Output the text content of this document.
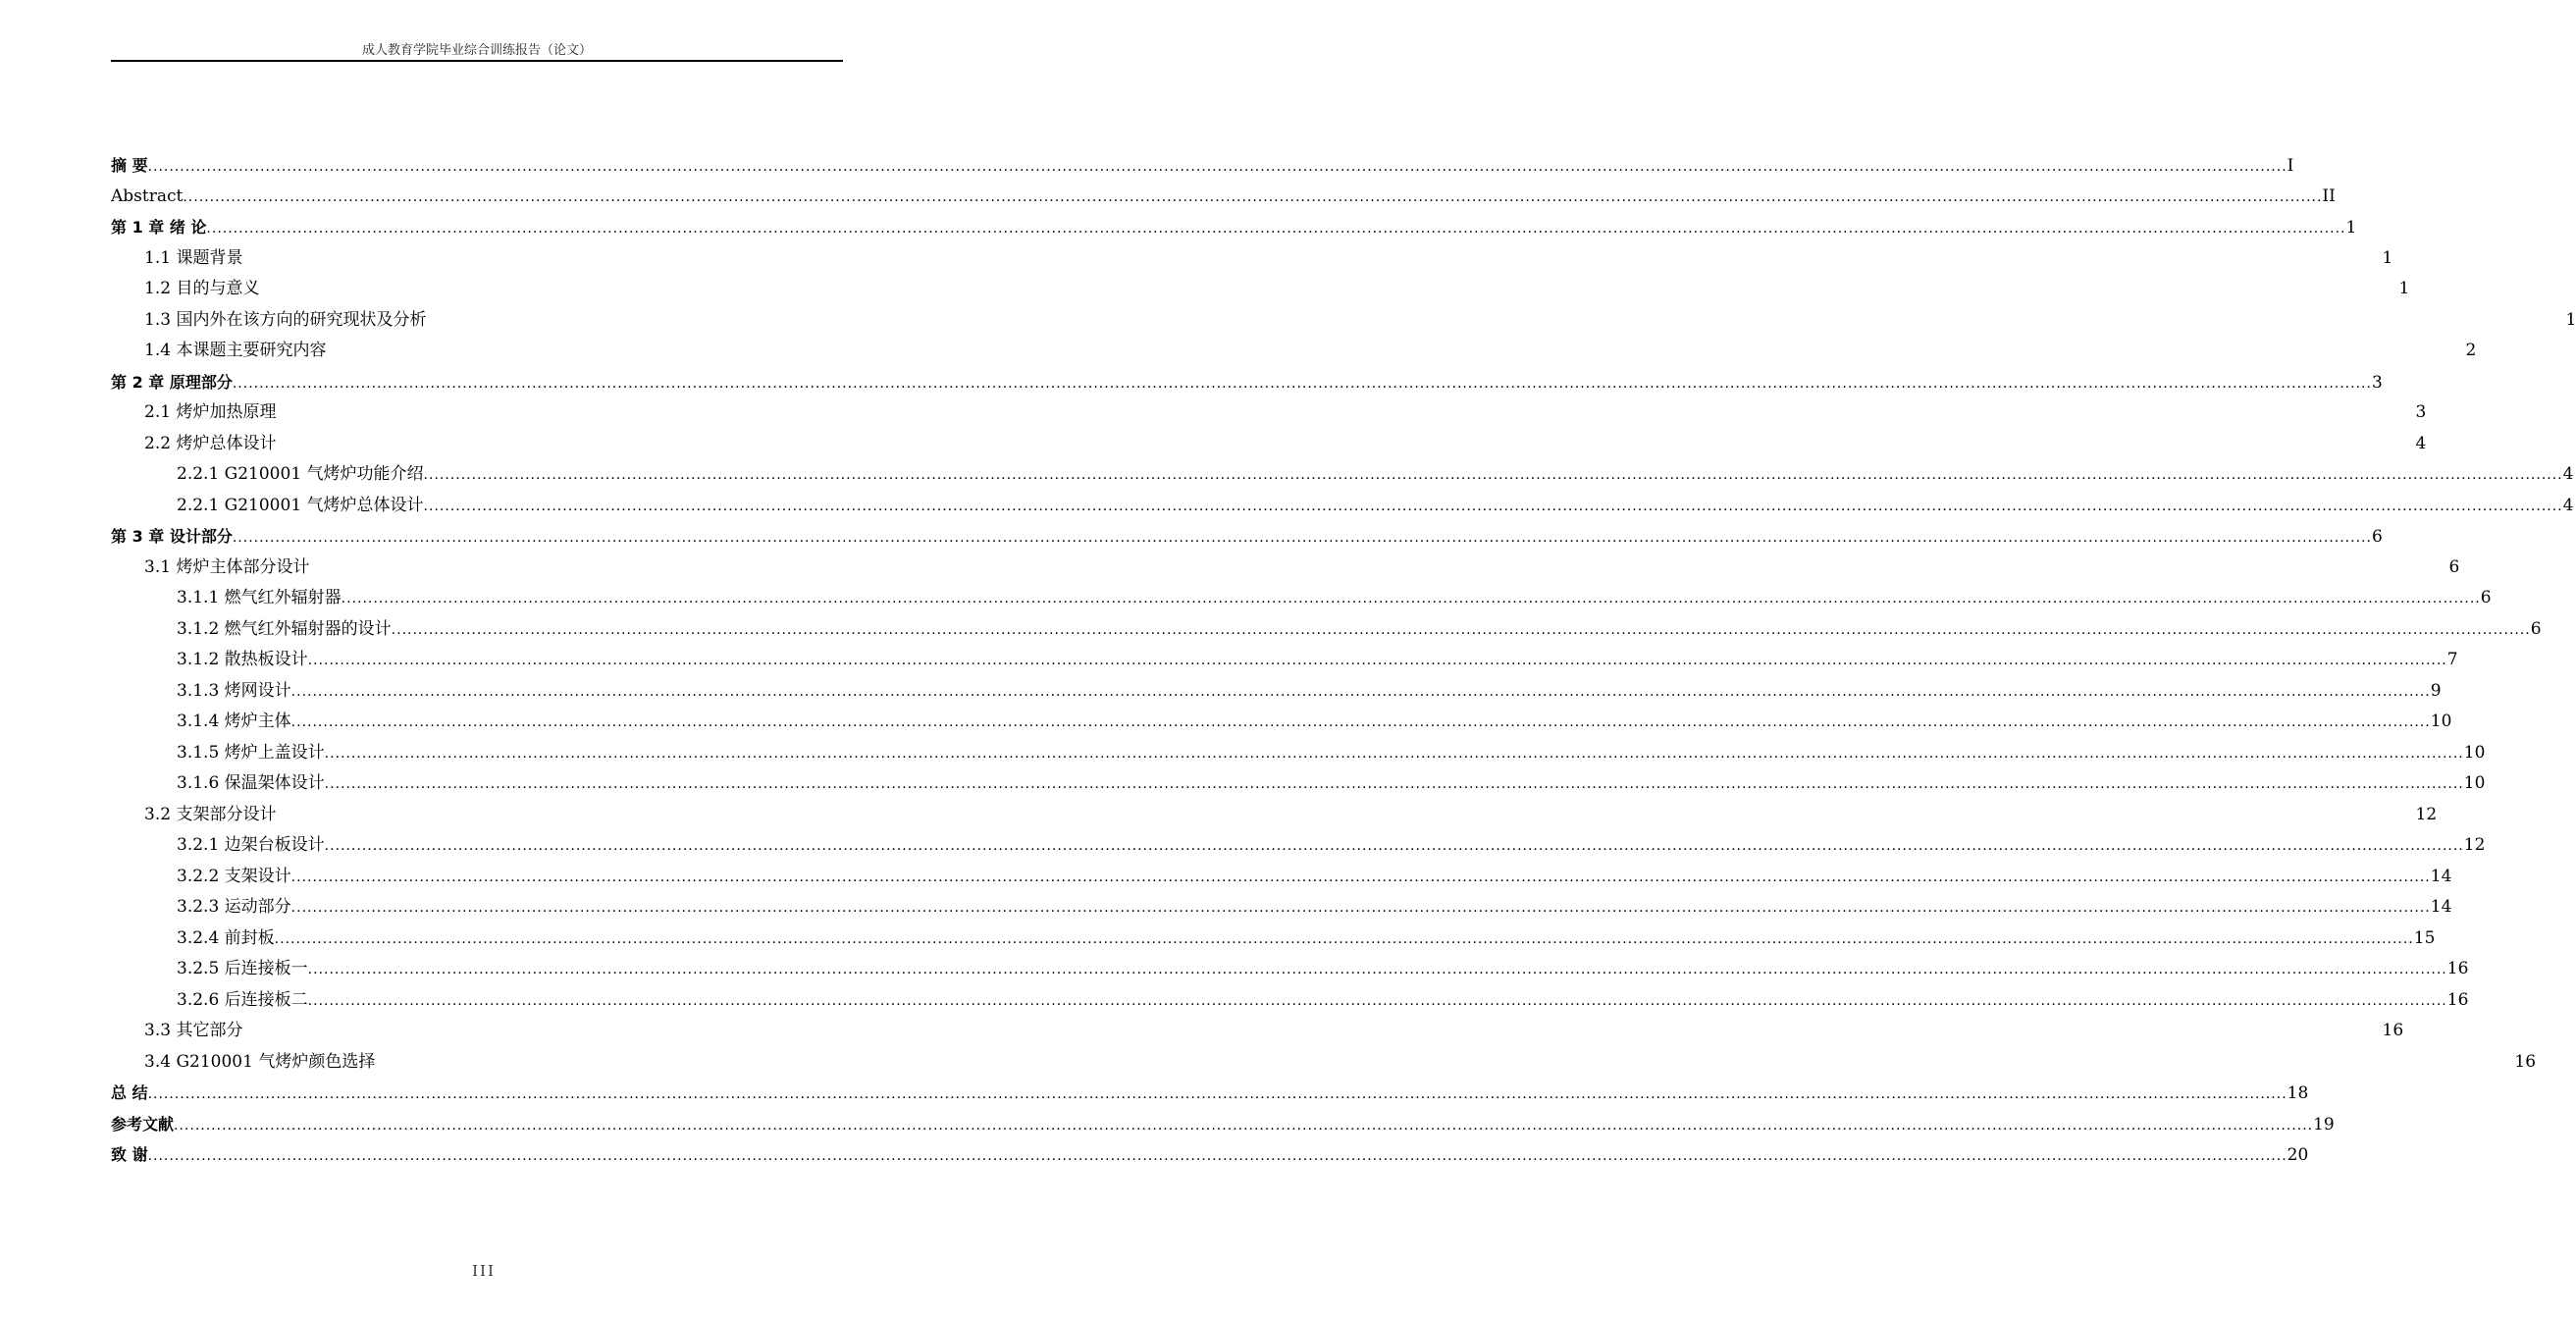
成人教育学院毕业综合训练报告（论文）
摘 要 ................................................................................................................................................................................................................................................................................................................................................................................................................ I
Abstract ................................................................................................................................................................................................................................................................................................................................................................................................................ II
第 1 章 绪 论 ................................................................................................................................................................................................................................................................................................................................................................................................................ 1
1.1 课题背景	1
1.2 目的与意义	1
1.3 国内外在该方向的研究现状及分析	1
1.4 本课题主要研究内容	2
第 2 章 原理部分 ................................................................................................................................................................................................................................................................................................................................................................................................................ 3
2.1 烤炉加热原理	3
2.2 烤炉总体设计	4
2.2.1 G210001 气烤炉功能介绍 ................................................................................................................................................................................................................................................................................................................................................................................................................ 4
2.2.1 G210001 气烤炉总体设计 ................................................................................................................................................................................................................................................................................................................................................................................................................ 4
第 3 章 设计部分 ................................................................................................................................................................................................................................................................................................................................................................................................................ 6
3.1 烤炉主体部分设计	6
3.1.1 燃气红外辐射器 ................................................................................................................................................................................................................................................................................................................................................................................................................ 6
3.1.2 燃气红外辐射器的设计 ................................................................................................................................................................................................................................................................................................................................................................................................................ 6
3.1.2 散热板设计 ................................................................................................................................................................................................................................................................................................................................................................................................................ 7
3.1.3 烤网设计 ................................................................................................................................................................................................................................................................................................................................................................................................................ 9
3.1.4 烤炉主体 ................................................................................................................................................................................................................................................................................................................................................................................................................ 10
3.1.5 烤炉上盖设计 ................................................................................................................................................................................................................................................................................................................................................................................................................ 10
3.1.6 保温架体设计 ................................................................................................................................................................................................................................................................................................................................................................................................................ 10
3.2 支架部分设计	12
3.2.1 边架台板设计 ................................................................................................................................................................................................................................................................................................................................................................................................................ 12
3.2.2 支架设计 ................................................................................................................................................................................................................................................................................................................................................................................................................ 14
3.2.3 运动部分 ................................................................................................................................................................................................................................................................................................................................................................................................................ 14
3.2.4 前封板 ................................................................................................................................................................................................................................................................................................................................................................................................................ 15
3.2.5 后连接板一 ................................................................................................................................................................................................................................................................................................................................................................................................................ 16
3.2.6 后连接板二 ................................................................................................................................................................................................................................................................................................................................................................................................................ 16
3.3 其它部分	16
3.4 G210001 气烤炉颜色选择	16
总 结 ................................................................................................................................................................................................................................................................................................................................................................................................................ 18
参考文献 ................................................................................................................................................................................................................................................................................................................................................................................................................ 19
致 谢 ................................................................................................................................................................................................................................................................................................................................................................................................................ 20
III
